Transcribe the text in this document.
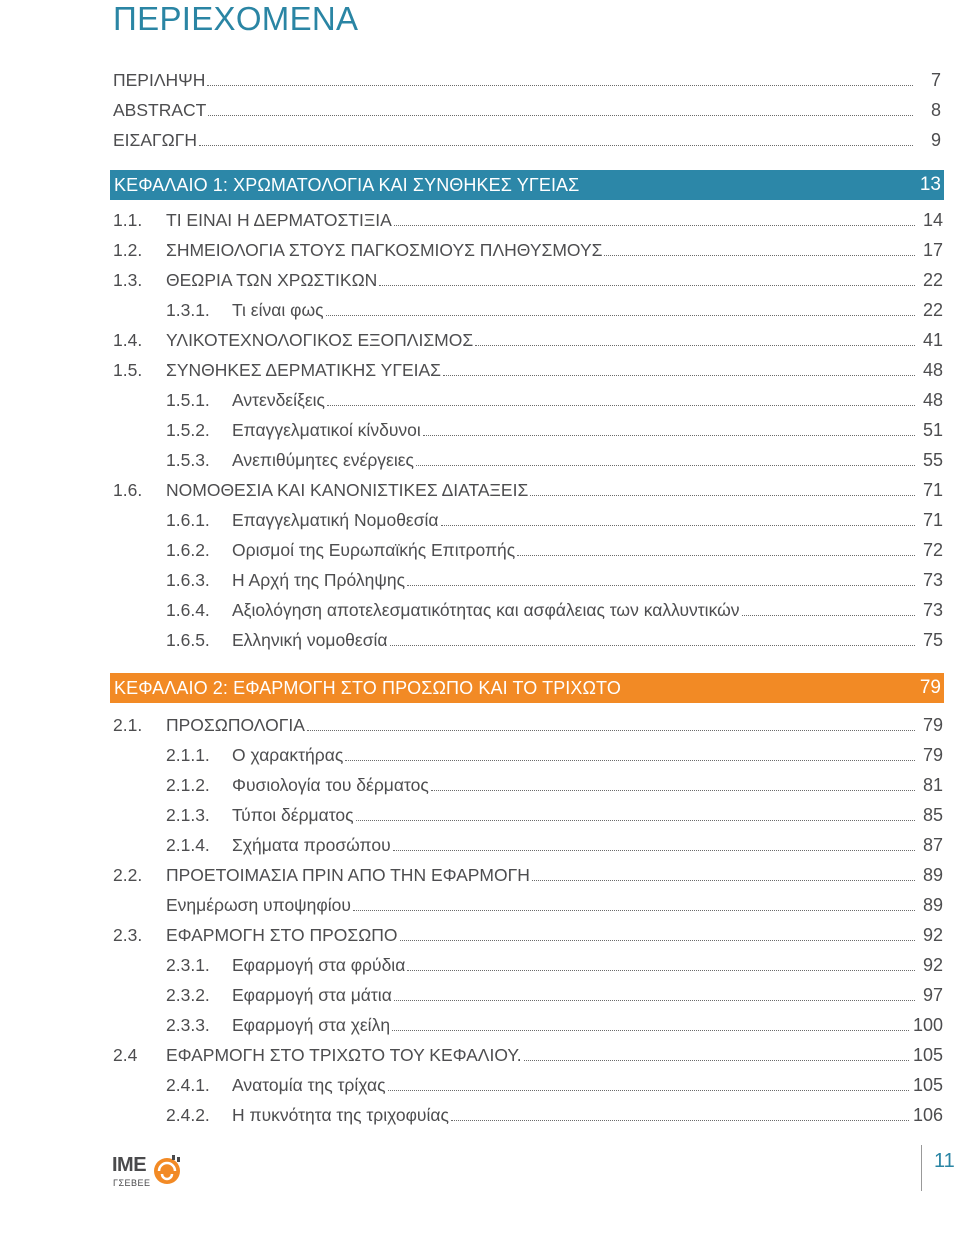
ΠΕΡΙΕΧΟΜΕΝΑ
ΠΕΡΙΛΗΨΗ	7
ABSTRACT	8
ΕΙΣΑΓΩΓΗ	9
ΚΕΦΑΛΑΙΟ 1: ΧΡΩΜΑΤΟΛΟΓΙΑ ΚΑΙ ΣΥΝΘΗΚΕΣ ΥΓΕΙΑΣ	13
1.1.	ΤΙ ΕΙΝΑΙ Η ΔΕΡΜΑΤΟΣΤΙΞΙΑ	14
1.2.	ΣΗΜΕΙΟΛΟΓΙΑ ΣΤΟΥΣ ΠΑΓΚΟΣΜΙΟΥΣ ΠΛΗΘΥΣΜΟΥΣ	17
1.3.	ΘΕΩΡΙΑ ΤΩΝ ΧΡΩΣΤΙΚΩΝ	22
1.3.1.	Τι είναι φως	22
1.4.	ΥΛΙΚΟΤΕΧΝΟΛΟΓΙΚΟΣ ΕΞΟΠΛΙΣΜΟΣ	41
1.5.	ΣΥΝΘΗΚΕΣ ΔΕΡΜΑΤΙΚΗΣ ΥΓΕΙΑΣ	48
1.5.1.	Αντενδείξεις	48
1.5.2.	Επαγγελματικοί κίνδυνοι	51
1.5.3.	Ανεπιθύμητες ενέργειες	55
1.6.	ΝΟΜΟΘΕΣΙΑ ΚΑΙ ΚΑΝΟΝΙΣΤΙΚΕΣ ΔΙΑΤΑΞΕΙΣ	71
1.6.1.	Επαγγελματική Νομοθεσία	71
1.6.2.	Ορισμοί της Ευρωπαϊκής Επιτροπής	72
1.6.3.	Η Αρχή της Πρόληψης	73
1.6.4.	Αξιολόγηση αποτελεσματικότητας και ασφάλειας των καλλυντικών	73
1.6.5.	Ελληνική νομοθεσία	75
ΚΕΦΑΛΑΙΟ 2: ΕΦΑΡΜΟΓΗ ΣΤΟ ΠΡΟΣΩΠΟ ΚΑΙ ΤΟ ΤΡΙΧΩΤΟ	79
2.1.	ΠΡΟΣΩΠΟΛΟΓΙΑ	79
2.1.1.	Ο χαρακτήρας	79
2.1.2.	Φυσιολογία του δέρματος	81
2.1.3.	Τύποι δέρματος	85
2.1.4.	Σχήματα προσώπου	87
2.2.	ΠΡΟΕΤΟΙΜΑΣΙΑ ΠΡΙΝ ΑΠΟ ΤΗΝ ΕΦΑΡΜΟΓΗ	89
Ενημέρωση υποψηφίου	89
2.3.	ΕΦΑΡΜΟΓΗ ΣΤΟ ΠΡΟΣΩΠΟ	92
2.3.1.	Εφαρμογή στα φρύδια	92
2.3.2.	Εφαρμογή στα μάτια	97
2.3.3.	Εφαρμογή στα χείλη	100
2.4	ΕΦΑΡΜΟΓΗ ΣΤΟ ΤΡΙΧΩΤΟ ΤΟΥ ΚΕΦΑΛΙΟΥ.	105
2.4.1.	Ανατομία της τρίχας	105
2.4.2.	Η πυκνότητα της τριχοφυίας	106
ΙΜΕ
ΓΣΕΒΕΕ
11
